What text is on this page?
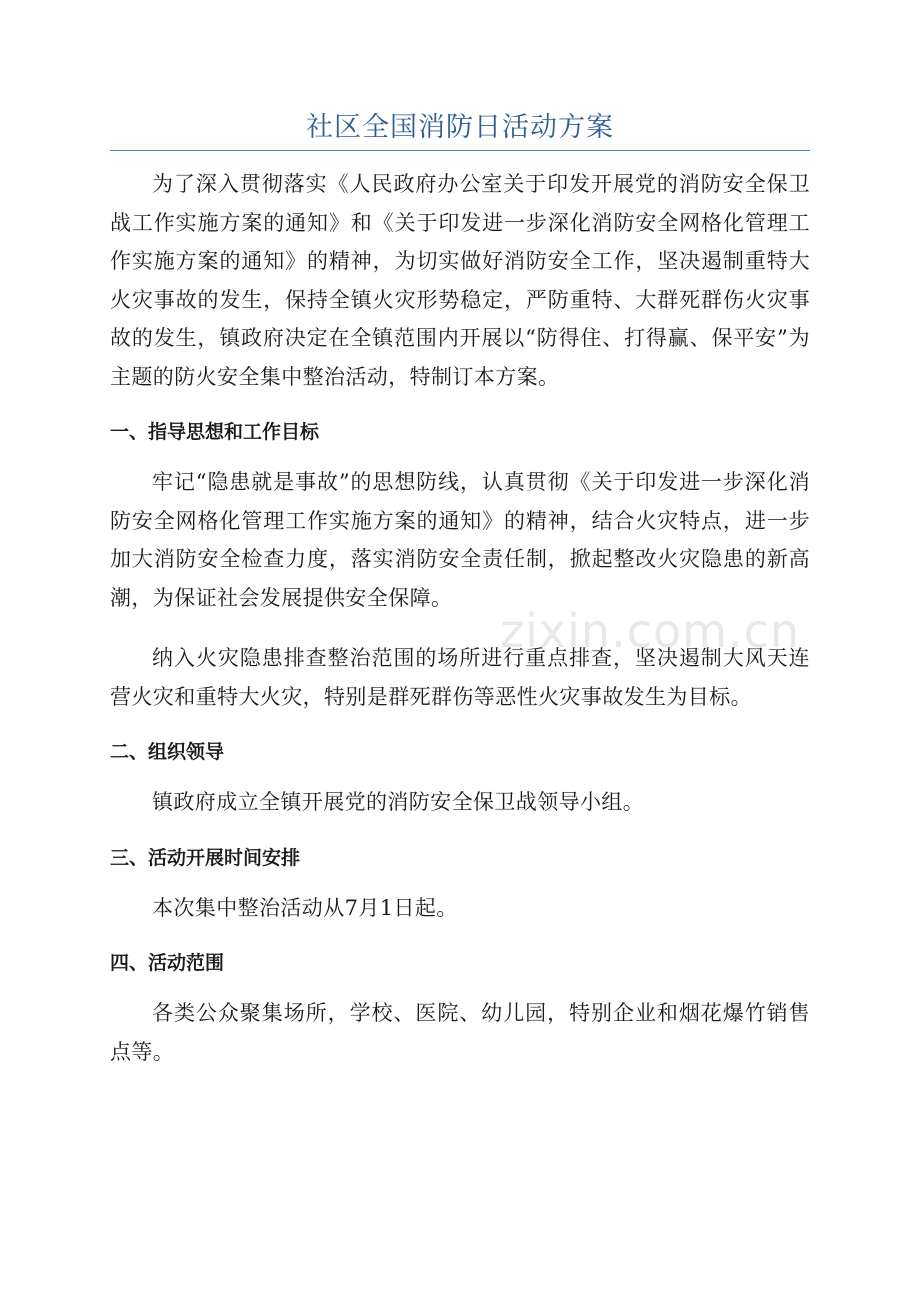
社区全国消防日活动方案

为了深入贯彻落实《人民政府办公室关于印发开展党的消防安全保卫战工作实施方案的通知》和《关于印发进一步深化消防安全网格化管理工作实施方案的通知》的精神，为切实做好消防安全工作，坚决遏制重特大火灾事故的发生，保持全镇火灾形势稳定，严防重特、大群死群伤火灾事故的发生，镇政府决定在全镇范围内开展以“防得住、打得赢、保平安”为主题的防火安全集中整治活动，特制订本方案。

一、指导思想和工作目标

牢记“隐患就是事故”的思想防线，认真贯彻《关于印发进一步深化消防安全网格化管理工作实施方案的通知》的精神，结合火灾特点，进一步加大消防安全检查力度，落实消防安全责任制，掀起整改火灾隐患的新高潮，为保证社会发展提供安全保障。

纳入火灾隐患排查整治范围的场所进行重点排查，坚决遏制大风天连营火灾和重特大火灾，特别是群死群伤等恶性火灾事故发生为目标。

二、组织领导

镇政府成立全镇开展党的消防安全保卫战领导小组。

三、活动开展时间安排

本次集中整治活动从7月1日起。

四、活动范围

各类公众聚集场所，学校、医院、幼儿园，特别企业和烟花爆竹销售点等。

zixin.com.cn
